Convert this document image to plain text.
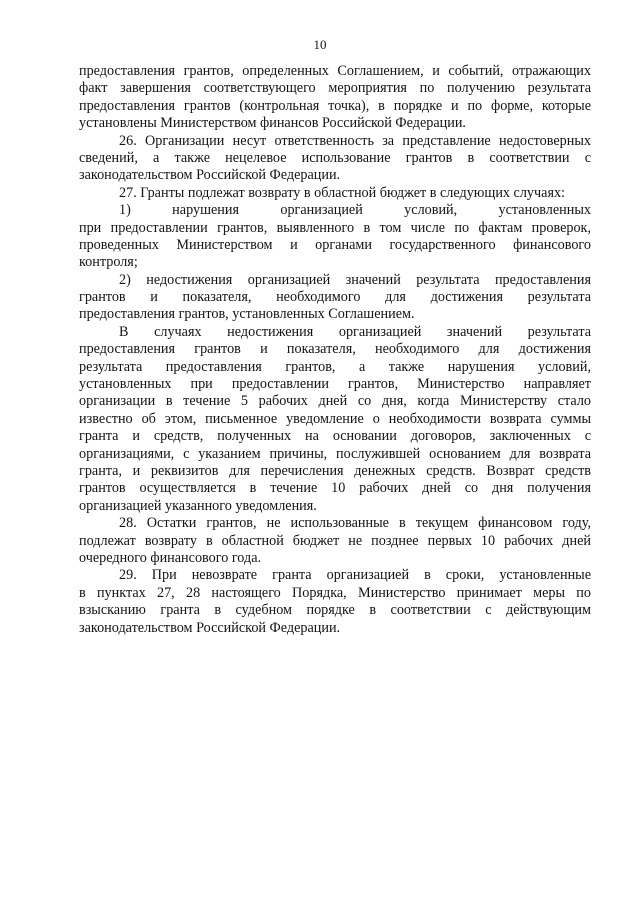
10
предоставления грантов, определенных Соглашением, и событий, отражающих
факт завершения соответствующего мероприятия по получению результата
предоставления грантов (контрольная точка), в порядке и по форме, которые
установлены Министерством финансов Российской Федерации.
26. Организации несут ответственность за представление недостоверных
сведений, а также нецелевое использование грантов в соответствии с
законодательством Российской Федерации.
27. Гранты подлежат возврату в областной бюджет в следующих случаях:
1) нарушения организацией условий, установленных
при предоставлении грантов, выявленного в том числе по фактам проверок,
проведенных Министерством и органами государственного финансового
контроля;
2) недостижения организацией значений результата предоставления
грантов и показателя, необходимого для достижения результата
предоставления грантов, установленных Соглашением.
В случаях недостижения организацией значений результата
предоставления грантов и показателя, необходимого для достижения
результата предоставления грантов, а также нарушения условий,
установленных при предоставлении грантов, Министерство направляет
организации в течение 5 рабочих дней со дня, когда Министерству стало
известно об этом, письменное уведомление о необходимости возврата суммы
гранта и средств, полученных на основании договоров, заключенных с
организациями, с указанием причины, послужившей основанием для возврата
гранта, и реквизитов для перечисления денежных средств. Возврат средств
грантов осуществляется в течение 10 рабочих дней со дня получения
организацией указанного уведомления.
28. Остатки грантов, не использованные в текущем финансовом году,
подлежат возврату в областной бюджет не позднее первых 10 рабочих дней
очередного финансового года.
29. При невозврате гранта организацией в сроки, установленные
в пунктах 27, 28 настоящего Порядка, Министерство принимает меры по
взысканию гранта в судебном порядке в соответствии с действующим
законодательством Российской Федерации.
